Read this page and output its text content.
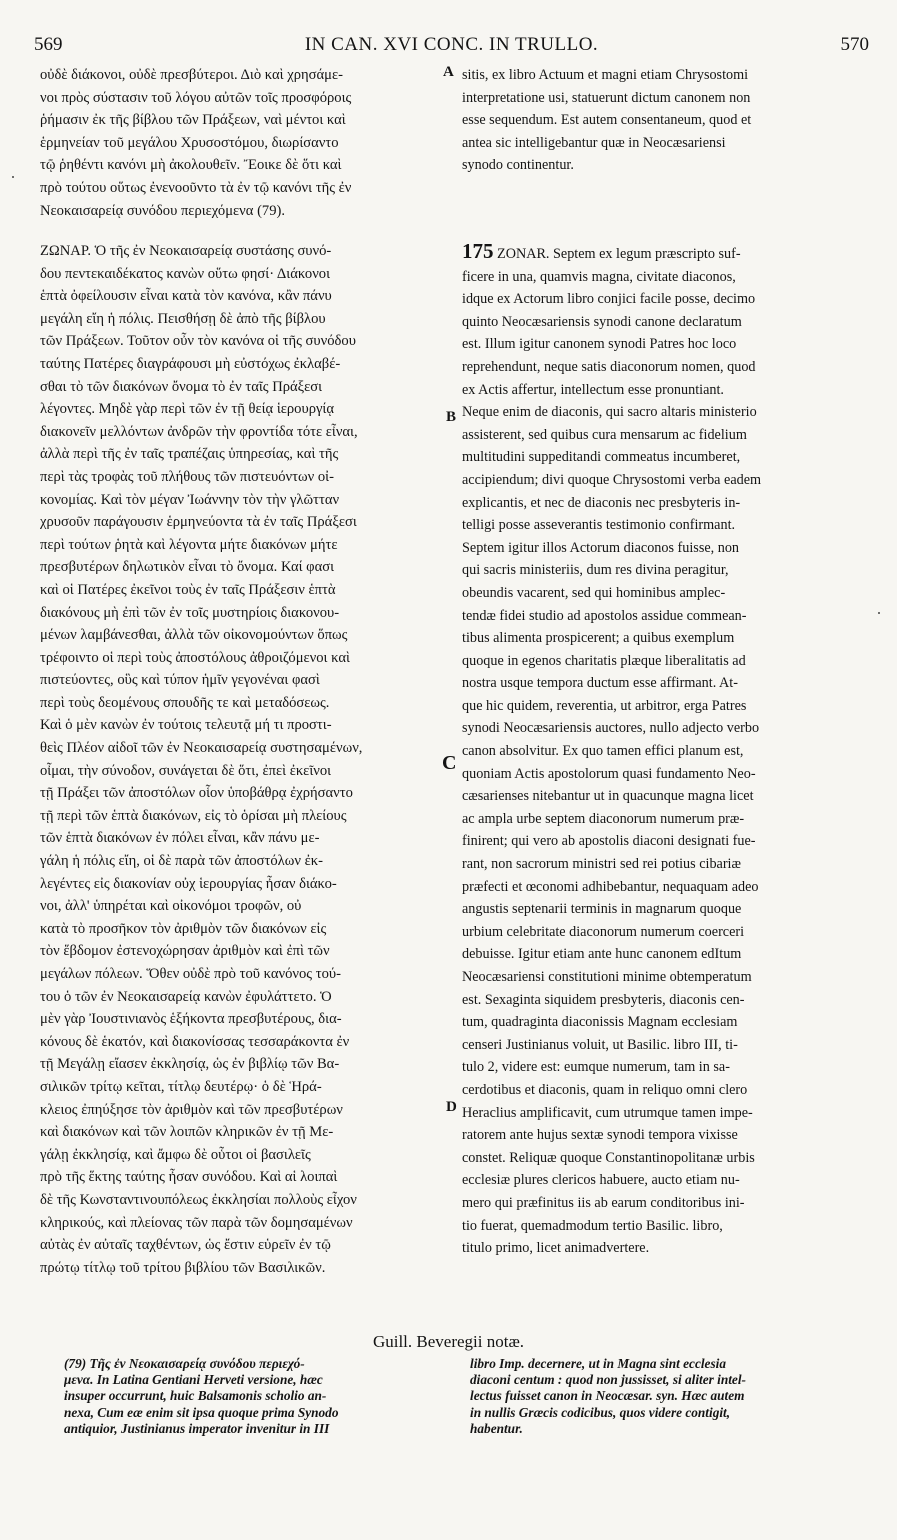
569	IN CAN. XVI CONC. IN TRULLO.	570
A
B
C
D
οὐδὲ διάκονοι, οὐδὲ πρεσβύτεροι. Διὸ καὶ χρησάμε-
νοι πρὸς σύστασιν τοῦ λόγου αὐτῶν τοῖς προσφόροις
ῥήμασιν ἐκ τῆς βίβλου τῶν Πράξεων, ναὶ μέντοι καὶ
ἑρμηνείαν τοῦ μεγάλου Χρυσοστόμου, διωρίσαντο
τῷ ῥηθέντι κανόνι μὴ ἀκολουθεῖν. Ἔοικε δὲ ὅτι καὶ
πρὸ τούτου οὕτως ἐνενοοῦντο τὰ ἐν τῷ κανόνι τῆς ἐν
Νεοκαισαρείᾳ συνόδου περιεχόμενα (79).
sitis, ex libro Actuum et magni etiam Chrysostomi
interpretatione usi, statuerunt dictum canonem non
esse sequendum. Est autem consentaneum, quod et
antea sic intelligebantur quæ in Neocæsariensi
synodo continentur.
ΖΩΝΑΡ. Ὁ τῆς ἐν Νεοκαισαρείᾳ συστάσης συνό-
δου πεντεκαιδέκατος κανὼν οὕτω φησί· Διάκονοι
ἑπτὰ ὀφείλουσιν εἶναι κατὰ τὸν κανόνα, κἂν πάνυ
μεγάλη εἴη ἡ πόλις. Πεισθήσῃ δὲ ἀπὸ τῆς βίβλου
τῶν Πράξεων. Τοῦτον οὖν τὸν κανόνα οἱ τῆς συνόδου
ταύτης Πατέρες διαγράφουσι μὴ εὐστόχως ἐκλαβέ-
σθαι τὸ τῶν διακόνων ὄνομα τὸ ἐν ταῖς Πράξεσι
λέγοντες. Μηδὲ γὰρ περὶ τῶν ἐν τῇ θείᾳ ἱερουργίᾳ
διακονεῖν μελλόντων ἀνδρῶν τὴν φροντίδα τότε εἶναι,
ἀλλὰ περὶ τῆς ἐν ταῖς τραπέζαις ὑπηρεσίας, καὶ τῆς
περὶ τὰς τροφὰς τοῦ πλήθους τῶν πιστευόντων οἰ-
κονομίας. Καὶ τὸν μέγαν Ἰωάννην τὸν τὴν γλῶτταν
χρυσοῦν παράγουσιν ἑρμηνεύοντα τὰ ἐν ταῖς Πράξεσι
περὶ τούτων ῥητὰ καὶ λέγοντα μήτε διακόνων μήτε
πρεσβυτέρων δηλωτικὸν εἶναι τὸ ὄνομα. Καί φασι
καὶ οἱ Πατέρες ἐκεῖνοι τοὺς ἐν ταῖς Πράξεσιν ἑπτὰ
διακόνους μὴ ἐπὶ τῶν ἐν τοῖς μυστηρίοις διακονου-
μένων λαμβάνεσθαι, ἀλλὰ τῶν οἰκονομούντων ὅπως
τρέφοιντο οἱ περὶ τοὺς ἀποστόλους ἀθροιζόμενοι καὶ
πιστεύοντες, οὓς καὶ τύπον ἡμῖν γεγονέναι φασὶ
περὶ τοὺς δεομένους σπουδῆς τε καὶ μεταδόσεως.
Καὶ ὁ μὲν κανὼν ἐν τούτοις τελευτᾷ μή τι προστι-
θεὶς Πλέον αἰδοῖ τῶν ἐν Νεοκαισαρείᾳ συστησαμένων,
οἶμαι, τὴν σύνοδον, συνάγεται δὲ ὅτι, ἐπεὶ ἐκεῖνοι
τῇ Πράξει τῶν ἀποστόλων οἷον ὑποβάθρᾳ ἐχρήσαντο
τῇ περὶ τῶν ἑπτὰ διακόνων, εἰς τὸ ὁρίσαι μὴ πλείους
τῶν ἑπτὰ διακόνων ἐν πόλει εἶναι, κἂν πάνυ με-
γάλη ἡ πόλις εἴη, οἱ δὲ παρὰ τῶν ἀποστόλων ἐκ-
λεγέντες εἰς διακονίαν οὐχ ἱερουργίας ἦσαν διάκο-
νοι, ἀλλ' ὑπηρέται καὶ οἰκονόμοι τροφῶν, οὐ
κατὰ τὸ προσῆκον τὸν ἀριθμὸν τῶν διακόνων εἰς
τὸν ἕβδομον ἐστενοχώρησαν ἀριθμὸν καὶ ἐπὶ τῶν
μεγάλων πόλεων. Ὅθεν οὐδὲ πρὸ τοῦ κανόνος τού-
του ὁ τῶν ἐν Νεοκαισαρείᾳ κανὼν ἐφυλάττετο. Ὁ
μὲν γὰρ Ἰουστινιανὸς ἑξήκοντα πρεσβυτέρους, δια-
κόνους δὲ ἑκατόν, καὶ διακονίσσας τεσσαράκοντα ἐν
τῇ Μεγάλῃ εἴασεν ἐκκλησίᾳ, ὡς ἐν βιβλίῳ τῶν Βα-
σιλικῶν τρίτῳ κεῖται, τίτλῳ δευτέρῳ· ὁ δὲ Ἡρά-
κλειος ἐπηύξησε τὸν ἀριθμὸν καὶ τῶν πρεσβυτέρων
καὶ διακόνων καὶ τῶν λοιπῶν κληρικῶν ἐν τῇ Με-
γάλῃ ἐκκλησίᾳ, καὶ ἄμφω δὲ οὗτοι οἱ βασιλεῖς
πρὸ τῆς ἕκτης ταύτης ἦσαν συνόδου. Καὶ αἱ λοιπαὶ
δὲ τῆς Κωνσταντινουπόλεως ἐκκλησίαι πολλοὺς εἶχον
κληρικούς, καὶ πλείονας τῶν παρὰ τῶν δομησαμένων
αὐτὰς ἐν αὐταῖς ταχθέντων, ὡς ἔστιν εὑρεῖν ἐν τῷ
πρώτῳ τίτλῳ τοῦ τρίτου βιβλίου τῶν Βασιλικῶν.
175 ZONAR. Septem ex legum præscripto suf-
ficere in una, quamvis magna, civitate diaconos,
idque ex Actorum libro conjici facile posse, decimo
quinto Neocæsariensis synodi canone declaratum
est. Illum igitur canonem synodi Patres hoc loco
reprehendunt, neque satis diaconorum nomen, quod
ex Actis affertur, intellectum esse pronuntiant.
Neque enim de diaconis, qui sacro altaris ministerio
assisterent, sed quibus cura mensarum ac fidelium
multitudini suppeditandi commeatus incumberet,
accipiendum; divi quoque Chrysostomi verba eadem
explicantis, et nec de diaconis nec presbyteris in-
telligi posse asseverantis testimonio confirmant.
Septem igitur illos Actorum diaconos fuisse, non
qui sacris ministeriis, dum res divina peragitur,
obeundis vacarent, sed qui hominibus amplec-
tendæ fidei studio ad apostolos assidue commean-
tibus alimenta prospicerent; a quibus exemplum
quoque in egenos charitatis plæque liberalitatis ad
nostra usque tempora ductum esse affirmant. At-
que hic quidem, reverentia, ut arbitror, erga Patres
synodi Neocæsariensis auctores, nullo adjecto verbo
canon absolvitur. Ex quo tamen effici planum est,
quoniam Actis apostolorum quasi fundamento Neo-
cæsarienses nitebantur ut in quacunque magna licet
ac ampla urbe septem diaconorum numerum præ-
finirent; qui vero ab apostolis diaconi designati fue-
rant, non sacrorum ministri sed rei potius cibariæ
præfecti et œconomi adhibebantur, nequaquam adeo
angustis septenarii terminis in magnarum quoque
urbium celebritate diaconorum numerum coerceri
debuisse. Igitur etiam ante hunc canonem edItum
Neocæsariensi constitutioni minime obtemperatum
est. Sexaginta siquidem presbyteris, diaconis cen-
tum, quadraginta diaconissis Magnam ecclesiam
censeri Justinianus voluit, ut Basilic. libro III, ti-
tulo 2, videre est: eumque numerum, tam in sa-
cerdotibus et diaconis, quam in reliquo omni clero
Heraclius amplificavit, cum utrumque tamen impe-
ratorem ante hujus sextæ synodi tempora vixisse
constet. Reliquæ quoque Constantinopolitanæ urbis
ecclesiæ plures clericos habuere, aucto etiam nu-
mero qui præfinitus iis ab earum conditoribus ini-
tio fuerat, quemadmodum tertio Basilic. libro,
titulo primo, licet animadvertere.
Guill. Beveregii notæ.
(79) Τῆς ἐν Νεοκαισαρείᾳ συνόδου περιεχό-
μενα. In Latina Gentiani Herveti versione, hæc
insuper occurrunt, huic Balsamonis scholio an-
nexa, Cum eæ enim sit ipsa quoque prima Synodo
antiquior, Justinianus imperator invenitur in III
libro Imp. decernere, ut in Magna sint ecclesia
diaconi centum : quod non jussisset, si aliter intel-
lectus fuisset canon in Neocæsar. syn. Hæc autem
in nullis Græcis codicibus, quos videre contigit,
habentur.
